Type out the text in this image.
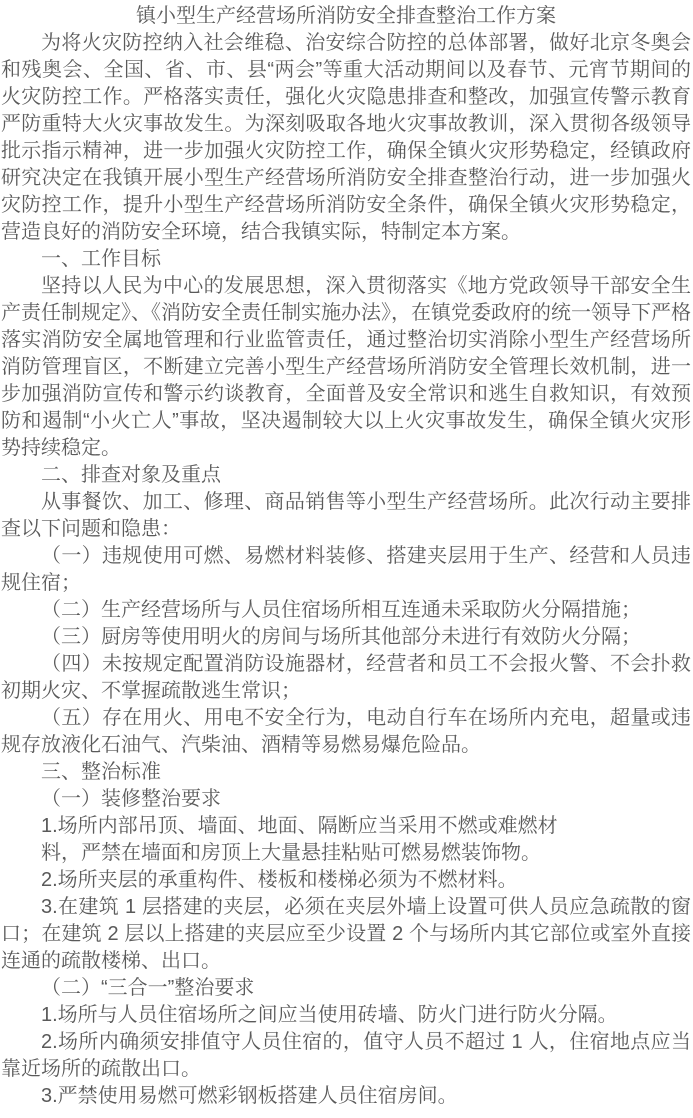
镇小型生产经营场所消防安全排查整治工作方案

为将火灾防控纳入社会维稳、治安综合防控的总体部署，做好北京冬奥会和残奥会、全国、省、市、县“两会”等重大活动期间以及春节、元宵节期间的火灾防控工作。严格落实责任，强化火灾隐患排查和整改，加强宣传警示教育严防重特大火灾事故发生。为深刻吸取各地火灾事故教训，深入贯彻各级领导批示指示精神，进一步加强火灾防控工作，确保全镇火灾形势稳定，经镇政府研究决定在我镇开展小型生产经营场所消防安全排查整治行动，进一步加强火灾防控工作，提升小型生产经营场所消防安全条件，确保全镇火灾形势稳定，营造良好的消防安全环境，结合我镇实际，特制定本方案。

一、工作目标

坚持以人民为中心的发展思想，深入贯彻落实《地方党政领导干部安全生产责任制规定》、《消防安全责任制实施办法》，在镇党委政府的统一领导下严格落实消防安全属地管理和行业监管责任，通过整治切实消除小型生产经营场所消防管理盲区，不断建立完善小型生产经营场所消防安全管理长效机制，进一步加强消防宣传和警示约谈教育，全面普及安全常识和逃生自救知识，有效预防和遏制“小火亡人”事故，坚决遏制较大以上火灾事故发生，确保全镇火灾形势持续稳定。

二、排查对象及重点

从事餐饮、加工、修理、商品销售等小型生产经营场所。此次行动主要排查以下问题和隐患：

（一）违规使用可燃、易燃材料装修、搭建夹层用于生产、经营和人员违规住宿；

（二）生产经营场所与人员住宿场所相互连通未采取防火分隔措施；

（三）厨房等使用明火的房间与场所其他部分未进行有效防火分隔；

（四）未按规定配置消防设施器材，经营者和员工不会报火警、不会扑救初期火灾、不掌握疏散逃生常识；

（五）存在用火、用电不安全行为，电动自行车在场所内充电，超量或违规存放液化石油气、汽柴油、酒精等易燃易爆危险品。

三、整治标准

（一）装修整治要求

1.场所内部吊顶、墙面、地面、隔断应当采用不燃或难燃材

料，严禁在墙面和房顶上大量悬挂粘贴可燃易燃装饰物。

2.场所夹层的承重构件、楼板和楼梯必须为不燃材料。

3.在建筑 1 层搭建的夹层，必须在夹层外墙上设置可供人员应急疏散的窗口；在建筑 2 层以上搭建的夹层应至少设置 2 个与场所内其它部位或室外直接连通的疏散楼梯、出口。

（二）“三合一”整治要求

1.场所与人员住宿场所之间应当使用砖墙、防火门进行防火分隔。

2.场所内确须安排值守人员住宿的，值守人员不超过 1 人，住宿地点应当靠近场所的疏散出口。

3.严禁使用易燃可燃彩钢板搭建人员住宿房间。
